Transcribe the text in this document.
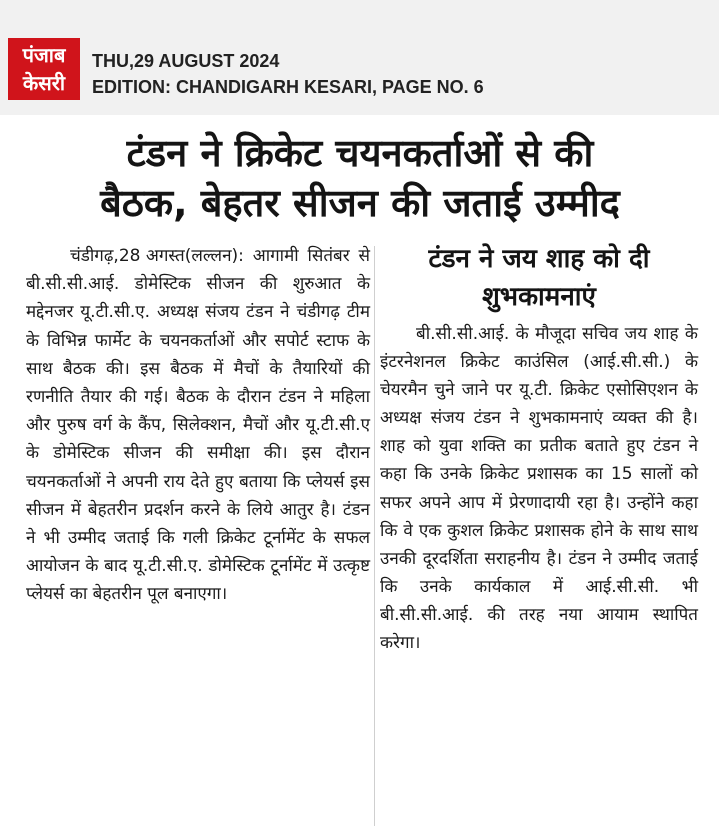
पंजाब
केसरी
THU,29 AUGUST 2024
EDITION: CHANDIGARH KESARI, PAGE NO. 6
टंडन ने क्रिकेट चयनकर्ताओं से की
बैठक, बेहतर सीजन की जताई उम्मीद
चंडीगढ़,28 अगस्त(लल्लन): आगामी सितंबर से बी.सी.सी.आई. डोमेस्टिक सीजन की शुरुआत के मद्देनजर यू.टी.सी.ए. अध्यक्ष संजय टंडन ने चंडीगढ़ टीम के विभिन्न फार्मेट के चयनकर्ताओं और सपोर्ट स्टाफ के साथ बैठक की। इस बैठक में मैचों के तैयारियों की रणनीति तैयार की गई। बैठक के दौरान टंडन ने महिला और पुरुष वर्ग के कैंप, सिलेक्शन, मैचों और यू.टी.सी.ए के डोमेस्टिक सीजन की समीक्षा की। इस दौरान चयनकर्ताओं ने अपनी राय देते हुए बताया कि प्लेयर्स इस सीजन में बेहतरीन प्रदर्शन करने के लिये आतुर है। टंडन ने भी उम्मीद जताई कि गली क्रिकेट टूर्नामेंट के सफल आयोजन के बाद यू.टी.सी.ए. डोमेस्टिक टूर्नामेंट में उत्कृष्ट प्लेयर्स का बेहतरीन पूल बनाएगा।
टंडन ने जय शाह को दी
शुभकामनाएं
बी.सी.सी.आई. के मौजूदा सचिव जय शाह के इंटरनेशनल क्रिकेट काउंसिल (आई.सी.सी.) के चेयरमैन चुने जाने पर यू.टी. क्रिकेट एसोसिएशन के अध्यक्ष संजय टंडन ने शुभकामनाएं व्यक्त की है। शाह को युवा शक्ति का प्रतीक बताते हुए टंडन ने कहा कि उनके क्रिकेट प्रशासक का 15 सालों को सफर अपने आप में प्रेरणादायी रहा है। उन्होंने कहा कि वे एक कुशल क्रिकेट प्रशासक होने के साथ साथ उनकी दूरदर्शिता सराहनीय है। टंडन ने उम्मीद जताई कि उनके कार्यकाल में आई.सी.सी. भी बी.सी.सी.आई. की तरह नया आयाम स्थापित करेगा।
